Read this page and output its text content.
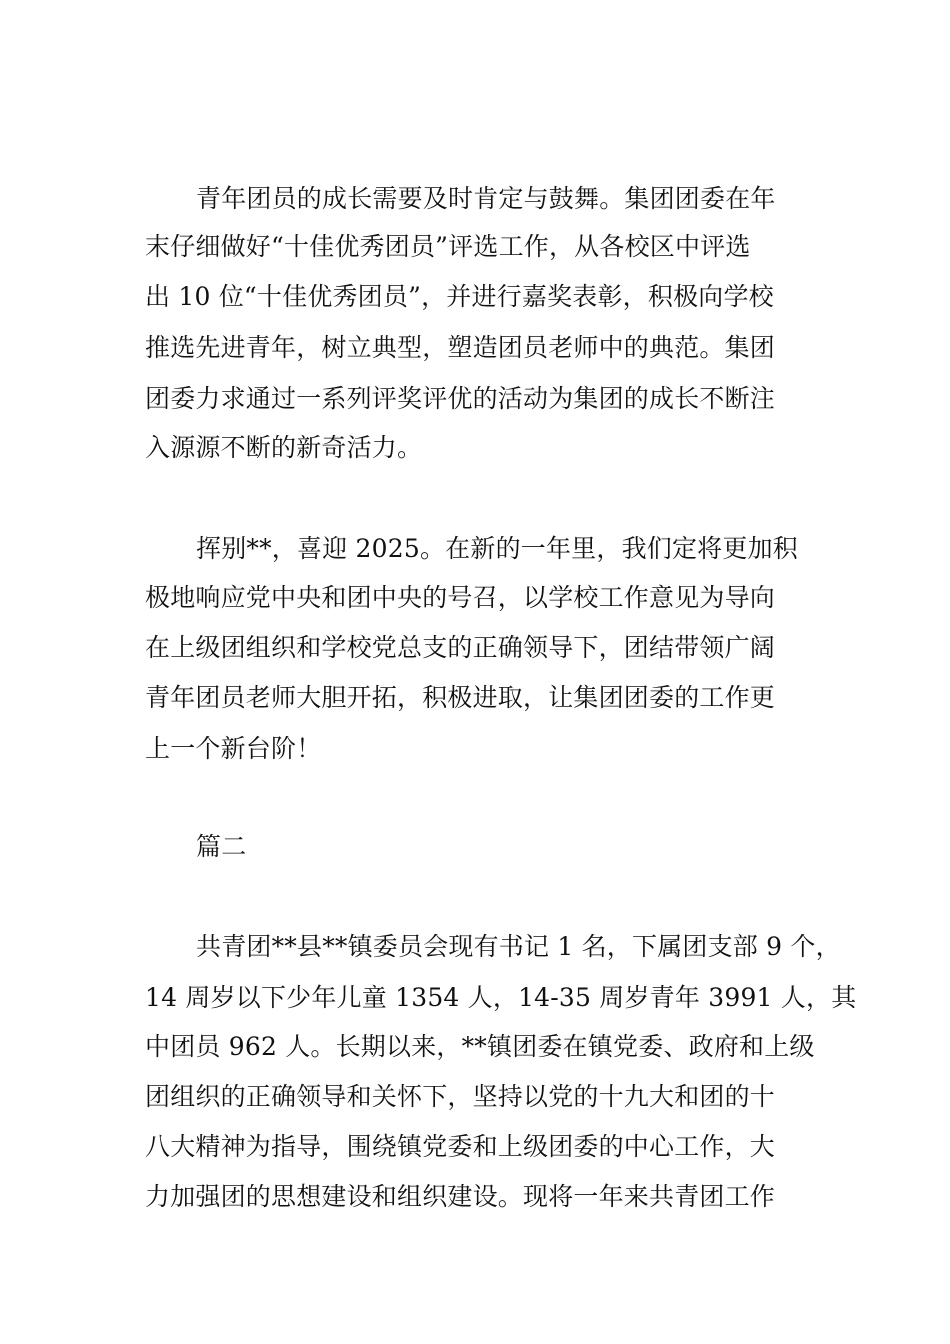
青年团员的成长需要及时肯定与鼓舞。集团团委在年
末仔细做好“十佳优秀团员”评选工作，从各校区中评选
出 10 位“十佳优秀团员”，并进行嘉奖表彰，积极向学校
推选先进青年，树立典型，塑造团员老师中的典范。集团
团委力求通过一系列评奖评优的活动为集团的成长不断注
入源源不断的新奇活力。
挥别**，喜迎 2025。在新的一年里，我们定将更加积
极地响应党中央和团中央的号召，以学校工作意见为导向
在上级团组织和学校党总支的正确领导下，团结带领广阔
青年团员老师大胆开拓，积极进取，让集团团委的工作更
上一个新台阶！
篇二
共青团**县**镇委员会现有书记 1 名，下属团支部 9 个，
14 周岁以下少年儿童 1354 人，14-35 周岁青年 3991 人，其
中团员 962 人。长期以来，**镇团委在镇党委、政府和上级
团组织的正确领导和关怀下，坚持以党的十九大和团的十
八大精神为指导，围绕镇党委和上级团委的中心工作，大
力加强团的思想建设和组织建设。现将一年来共青团工作
